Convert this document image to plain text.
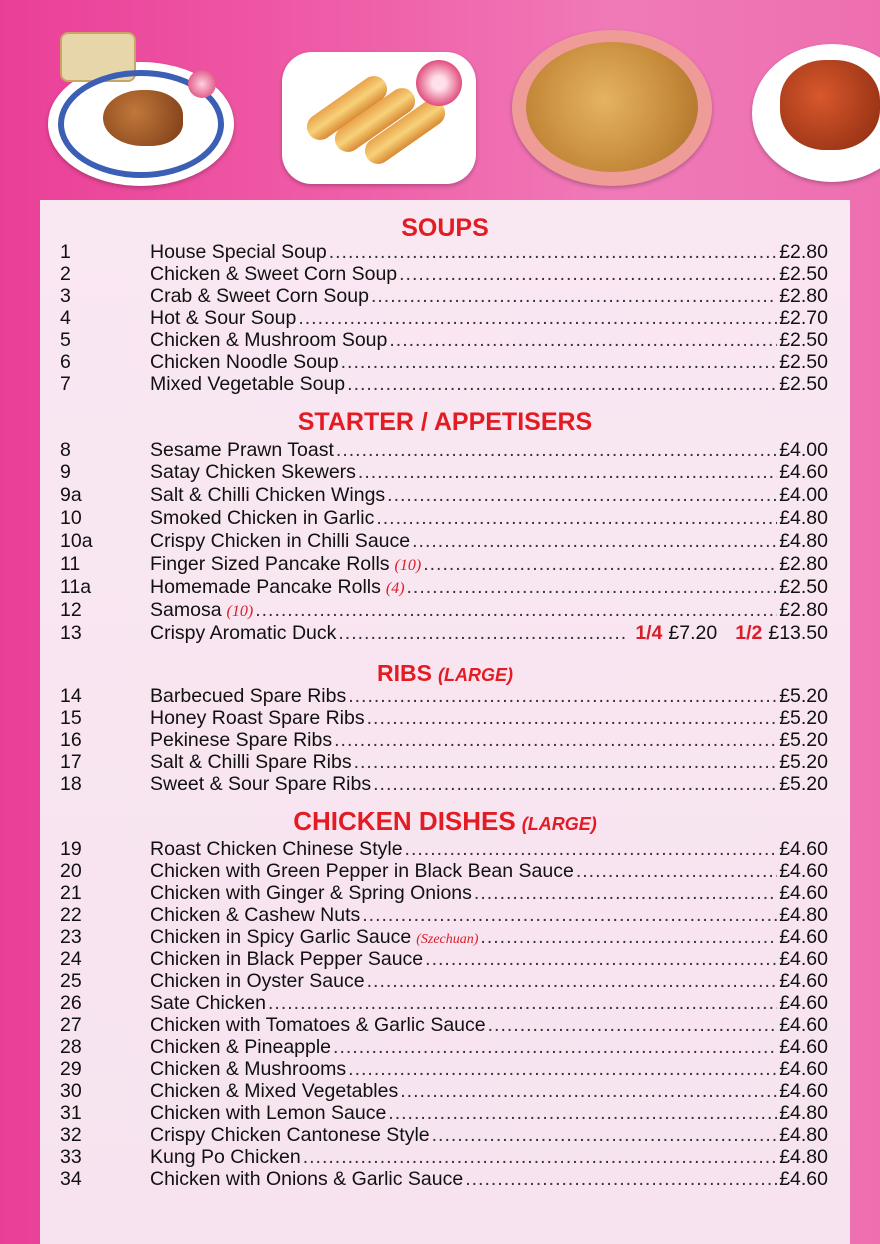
SOUPS
1	House Special Soup .....	£2.80
2	Chicken & Sweet Corn Soup .....	£2.50
3	Crab & Sweet Corn Soup .....	£2.80
4	Hot & Sour Soup .....	£2.70
5	Chicken & Mushroom Soup .....	£2.50
6	Chicken Noodle Soup .....	£2.50
7	Mixed Vegetable Soup .....	£2.50
STARTER / APPETISERS
8	Sesame Prawn Toast .....	£4.00
9	Satay Chicken Skewers .....	£4.60
9a	Salt & Chilli Chicken Wings .....	£4.00
10	Smoked Chicken in Garlic .....	£4.80
10a	Crispy Chicken in Chilli Sauce .....	£4.80
11	Finger Sized Pancake Rolls (10) .....	£2.80
11a	Homemade Pancake Rolls (4) .....	£2.50
12	Samosa (10) .....	£2.80
13	Crispy Aromatic Duck .....	1/4 £7.20 1/2 £13.50
RIBS (LARGE)
14	Barbecued Spare Ribs .....	£5.20
15	Honey Roast Spare Ribs .....	£5.20
16	Pekinese Spare Ribs .....	£5.20
17	Salt & Chilli Spare Ribs .....	£5.20
18	Sweet & Sour Spare Ribs .....	£5.20
CHICKEN DISHES (LARGE)
19	Roast Chicken Chinese Style .....	£4.60
20	Chicken with Green Pepper in Black Bean Sauce .....	£4.60
21	Chicken with Ginger & Spring Onions .....	£4.60
22	Chicken & Cashew Nuts .....	£4.80
23	Chicken in Spicy Garlic Sauce (Szechuan) .....	£4.60
24	Chicken in Black Pepper Sauce .....	£4.60
25	Chicken in Oyster Sauce .....	£4.60
26	Sate Chicken .....	£4.60
27	Chicken with Tomatoes & Garlic Sauce .....	£4.60
28	Chicken & Pineapple .....	£4.60
29	Chicken & Mushrooms .....	£4.60
30	Chicken & Mixed Vegetables .....	£4.60
31	Chicken with Lemon Sauce .....	£4.80
32	Crispy Chicken Cantonese Style .....	£4.80
33	Kung Po Chicken .....	£4.80
34	Chicken with Onions & Garlic Sauce .....	£4.60
